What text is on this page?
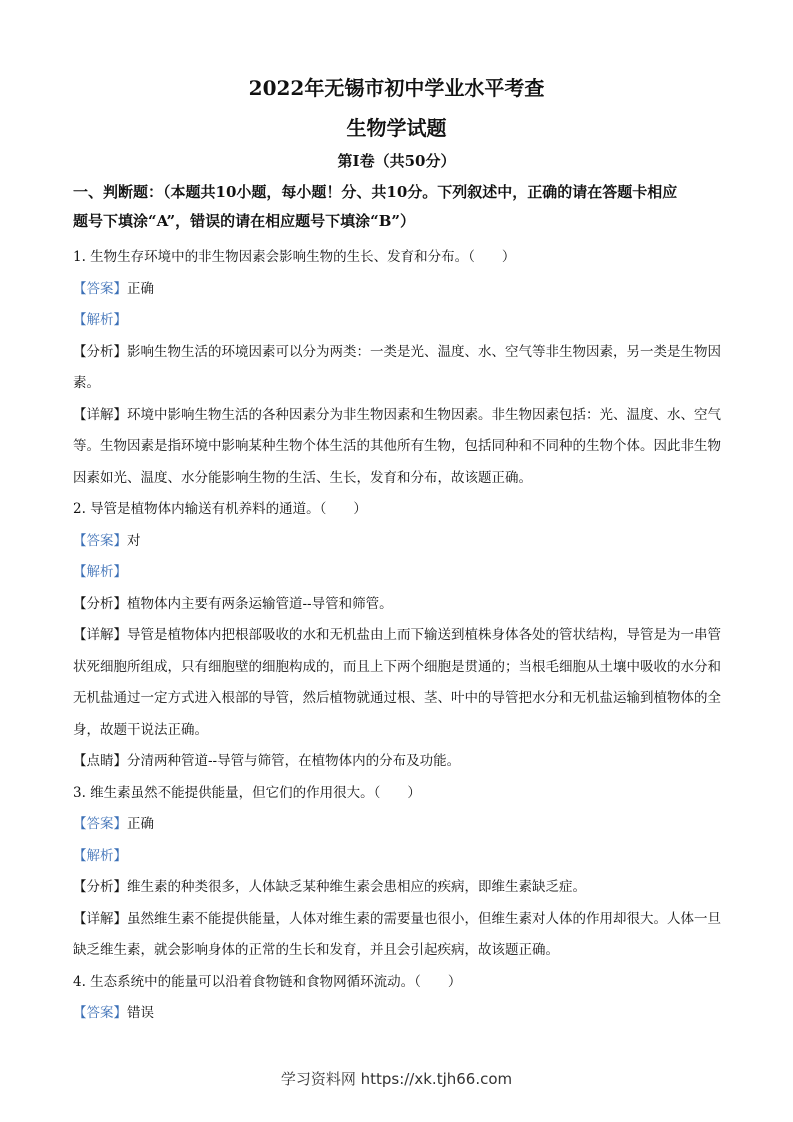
2022年无锡市初中学业水平考查
生物学试题
第Ⅰ卷（共50分）
一、判断题：（本题共10小题，每小题！分、共10分。下列叙述中，正确的请在答题卡相应
题号下填涂“A”，错误的请在相应题号下填涂“B”）
1. 生物生存环境中的非生物因素会影响生物的生长、发育和分布。（　　）
【答案】正确
【解析】
【分析】影响生物生活的环境因素可以分为两类：一类是光、温度、水、空气等非生物因素，另一类是生物因素。
【详解】环境中影响生物生活的各种因素分为非生物因素和生物因素。非生物因素包括：光、温度、水、空气等。生物因素是指环境中影响某种生物个体生活的其他所有生物，包括同种和不同种的生物个体。因此非生物因素如光、温度、水分能影响生物的生活、生长，发育和分布，故该题正确。
2. 导管是植物体内输送有机养料的通道。（　　）
【答案】对
【解析】
【分析】植物体内主要有两条运输管道--导管和筛管。
【详解】导管是植物体内把根部吸收的水和无机盐由上而下输送到植株身体各处的管状结构，导管是为一串管状死细胞所组成，只有细胞壁的细胞构成的，而且上下两个细胞是贯通的；当根毛细胞从土壤中吸收的水分和无机盐通过一定方式进入根部的导管，然后植物就通过根、茎、叶中的导管把水分和无机盐运输到植物体的全身，故题干说法正确。
【点睛】分清两种管道--导管与筛管，在植物体内的分布及功能。
3. 维生素虽然不能提供能量，但它们的作用很大。（　　）
【答案】正确
【解析】
【分析】维生素的种类很多，人体缺乏某种维生素会患相应的疾病，即维生素缺乏症。
【详解】虽然维生素不能提供能量，人体对维生素的需要量也很小，但维生素对人体的作用却很大。人体一旦缺乏维生素，就会影响身体的正常的生长和发育，并且会引起疾病，故该题正确。
4. 生态系统中的能量可以沿着食物链和食物网循环流动。（　　）
【答案】错误
学习资料网 https://xk.tjh66.com
